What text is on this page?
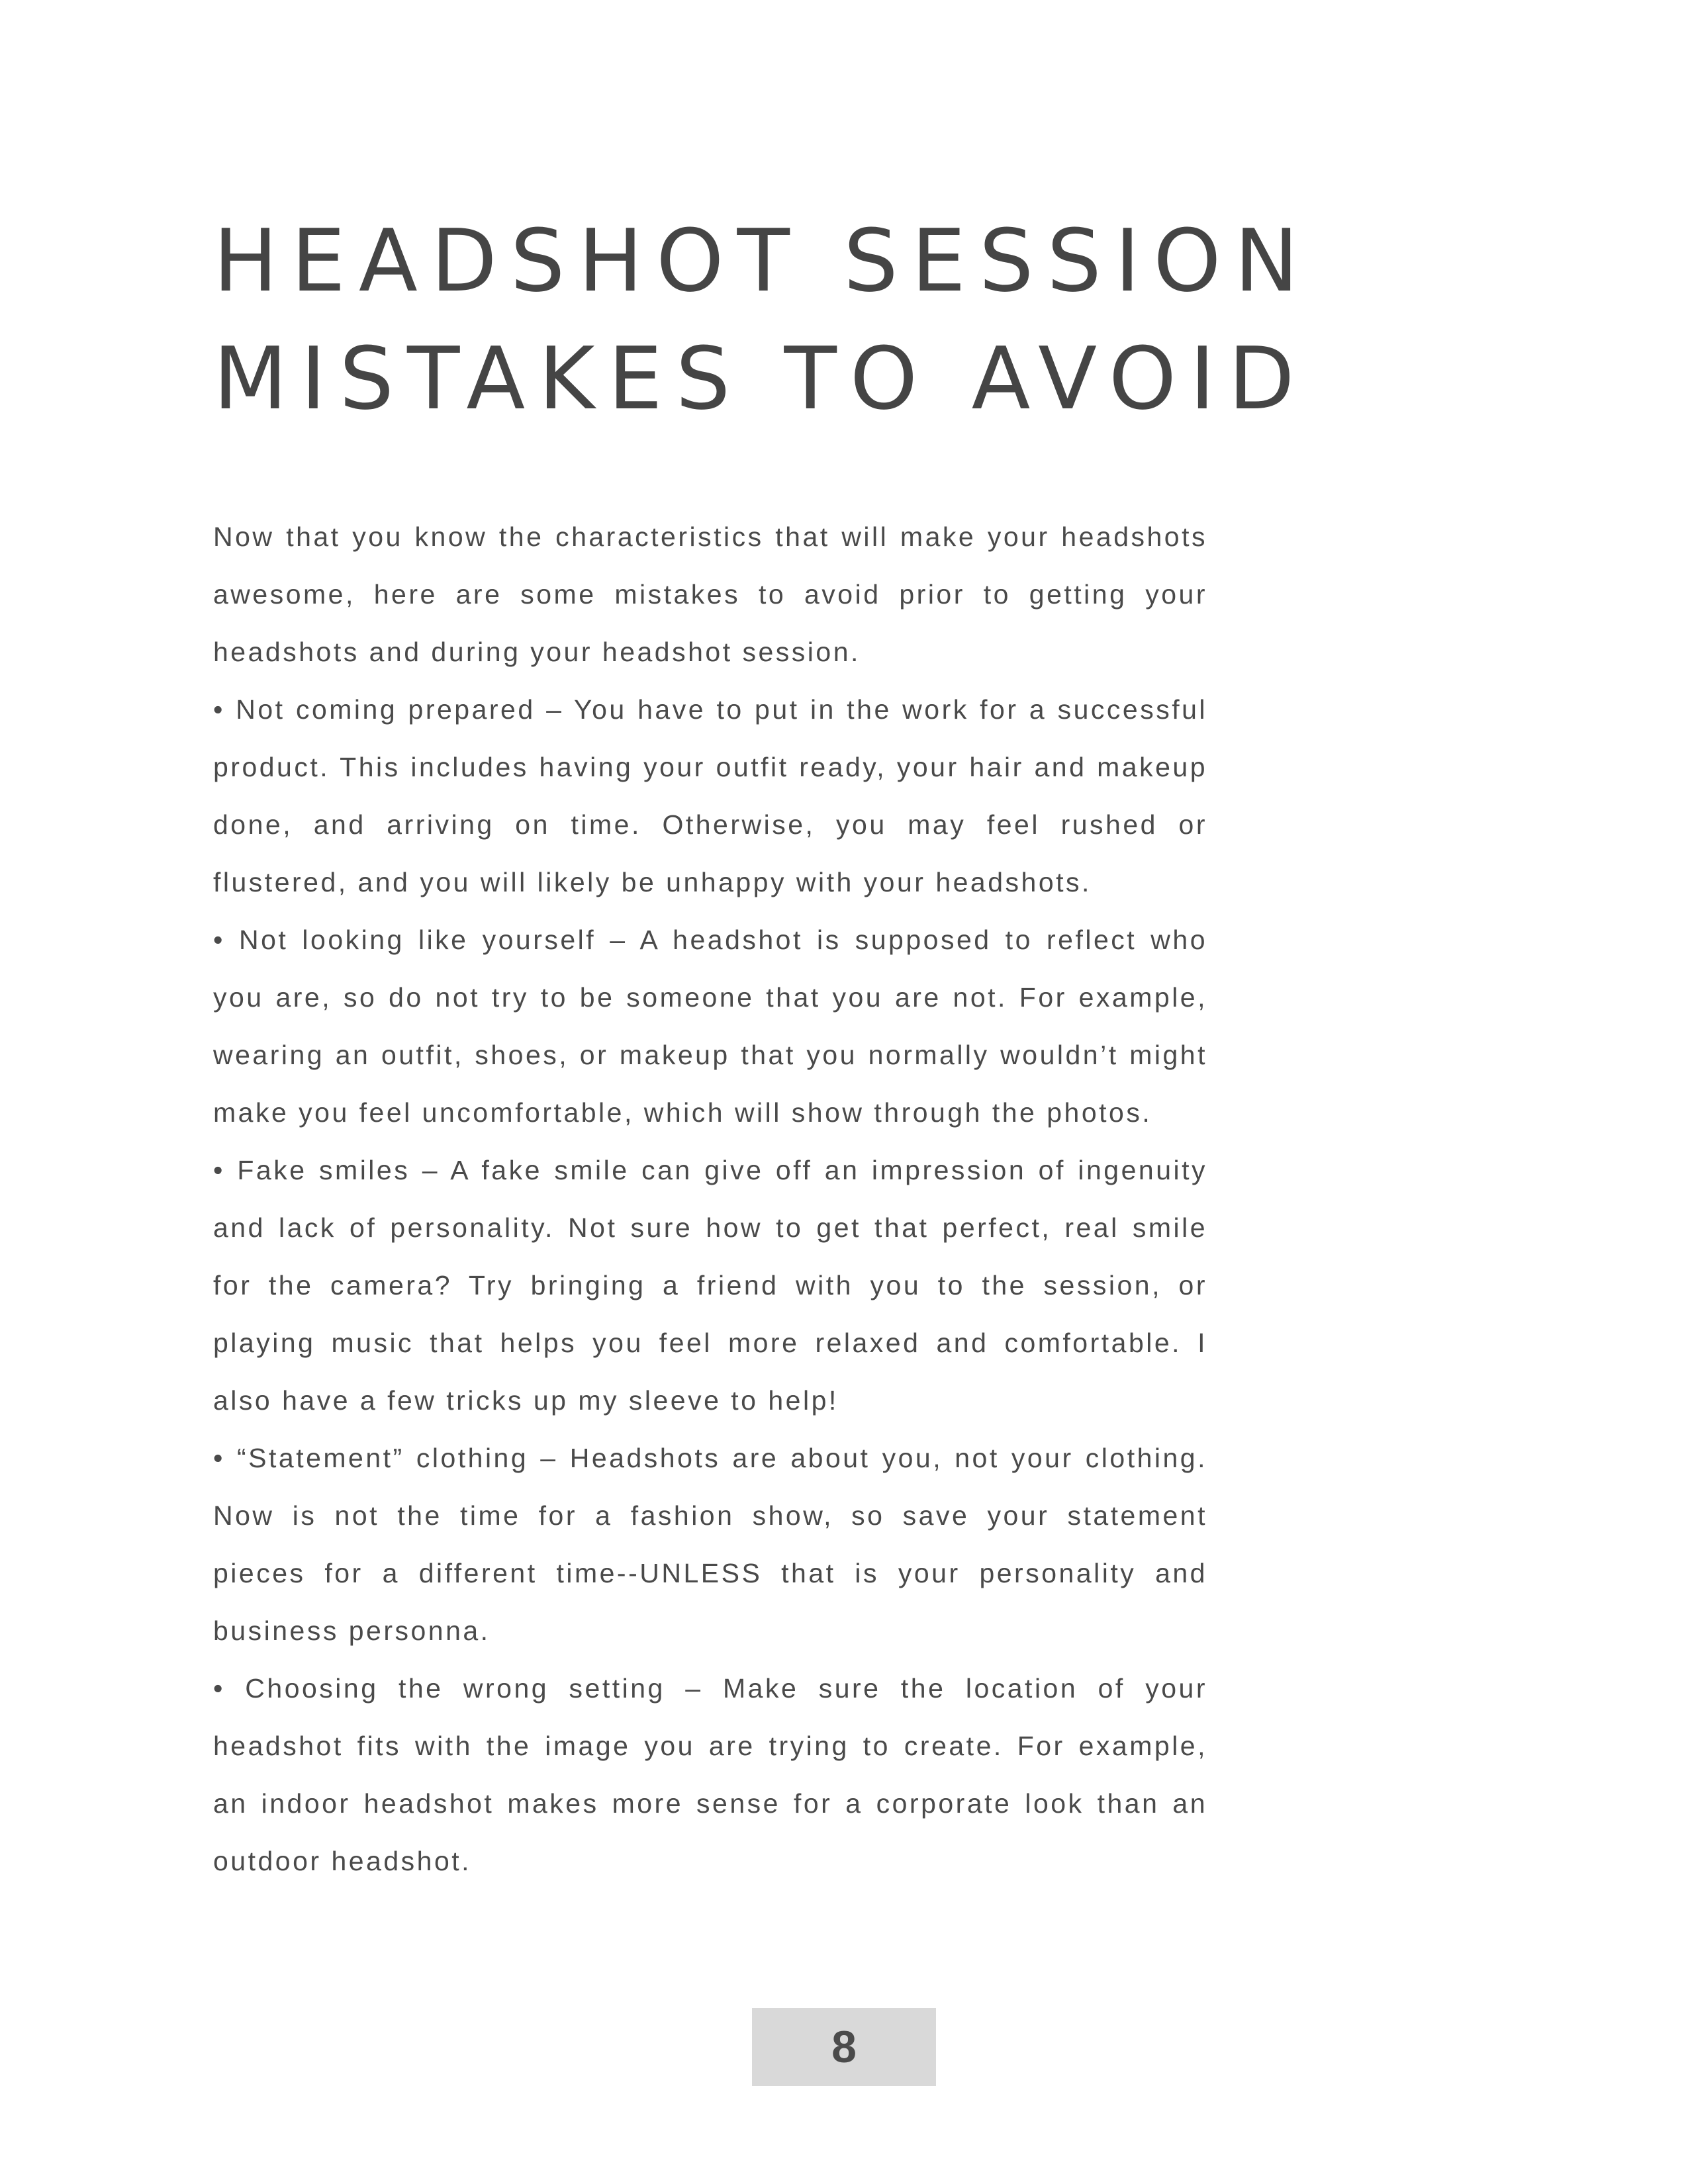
HEADSHOT SESSION
MISTAKES TO AVOID

Now that you know the characteristics that will make your headshots awesome, here are some mistakes to avoid prior to getting your headshots and during your headshot session.

• Not coming prepared – You have to put in the work for a successful product. This includes having your outfit ready, your hair and makeup done, and arriving on time. Otherwise, you may feel rushed or flustered, and you will likely be unhappy with your headshots.

• Not looking like yourself – A headshot is supposed to reflect who you are, so do not try to be someone that you are not. For example, wearing an outfit, shoes, or makeup that you normally wouldn’t might make you feel uncomfortable, which will show through the photos.

• Fake smiles – A fake smile can give off an impression of ingenuity and lack of personality. Not sure how to get that perfect, real smile for the camera? Try bringing a friend with you to the session, or playing music that helps you feel more relaxed and comfortable. I also have a few tricks up my sleeve to help!

• “Statement” clothing – Headshots are about you, not your clothing. Now is not the time for a fashion show, so save your statement pieces for a different time--UNLESS that is your personality and business personna.

• Choosing the wrong setting – Make sure the location of your headshot fits with the image you are trying to create. For example, an indoor headshot makes more sense for a corporate look than an outdoor headshot.

8
